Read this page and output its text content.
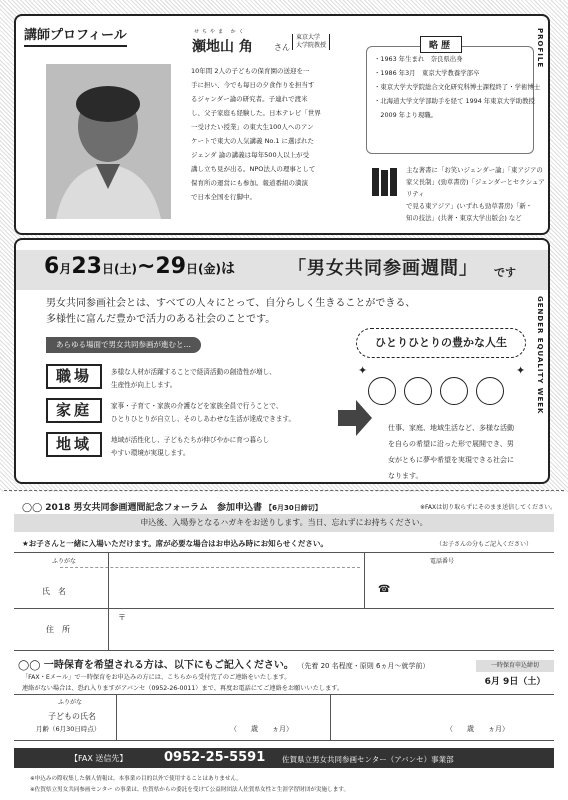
講師プロフィール	PROFILE
せちやま かく
瀬地山 角	さん
東京大学
大学院教授
10年間 2人の子どもの保育園の送迎を一
手に担い、今でも毎日の夕食作りを担当す
るジャンダー論の研究者。子連れで渡米
し、父子家庭も経験した。日本テレビ「世界
一受けたい授業」の東大生100人へのアン
ケートで東大の人気講義 No.1 に選ばれた
ジェンダ 論の講義は毎年500人以上が受
講し立ち見が出る。NPO法人の理事として
保育所の運営にも参加。報道番組の満演
で日本全国を行脚中。
略歴
・1963 年生まれ　奈良県出身
・1986 年3月　東京大学教養学部卒
・東京大学大学院総合文化研究科博士課程終了・学術博士
・北海道大学文学部助手を経て 1994 年東京大学助教授
　2009 年より現職。
主な著書に「お笑いジェンダー論」「東アジアの
家父長制」(勁草書房)「ジェンダーとセクシュアリティ
で見る東アジア」(いずれも勁草書房)「新・
知の技法」(共著・東京大学出版会) など
6月23日(土)~29日(金)は	「男女共同参画週間」 です
GENDER EQUALITY WEEK
男女共同参画社会とは、すべての人々にとって、自分らしく生きることができる、
多様性に富んだ豊かで活力のある社会のことです。
あらゆる場面で男女共同参画が進むと…
職場	多様な人材が活躍することで経済活動の創造性が増し、
生産性が向上します。
家庭	家事・子育て・家族の介護などを家族全員で行うことで、
ひとりひとりが自立し、そのしあわせな生活が達成できます。
地域	地域が活性化し、子どもたちが伸びやかに育つ暮らし
やすい環境が実現します。
ひとりひとりの豊かな人生
✦	✦
仕事、家庭、地域生活など、多様な活動
を自らの希望に沿った形で展開でき、男
女がともに夢や希望を実現できる社会に
なります。
◯◯ 2018 男女共同参画週間記念フォーラム　参加申込書 【6月30日締切】	※FAXは切り取らずにそのまま送信してください。
申込後、入場券となるハガキをお送りします。当日、忘れずにお持ちください。
★お子さんと一緒に入場いただけます。席が必要な場合はお申込み時にお知らせください。	（お子さんの分もご記入ください）
ふりがな	電話番号
氏　名	☎
住　所
〒
◯◯ 一時保育を希望される方は、以下にもご記入ください。 （先着 20 名程度・原則 6ヵ月～就学前）
「FAX・Eメール」で一時保育をお申込みの方には、こちらから受付完了のご連絡をいたします。
連絡がない場合は、恐れ入りますがアバンセ（0952-26-0011）まで、再度お電話にてご連絡をお願いいたします。
一時保育申込締切
6月 9日（土）
ふりがな
子どもの氏名
月齢（6月30日時点）	（　　歳　　ヵ月）	（　　歳　　ヵ月）
【FAX 送信先】	0952-25-5591 佐賀県立男女共同参画センター（アバンセ）事業部
※申込みの際収集した個人情報は、本事業の目的以外で使用することはありません。
※佐賀県立男女共同参画センター の事業は、佐賀県からの委託を受けて公益財団法人佐賀県女性と生涯学習財団が実施します。
